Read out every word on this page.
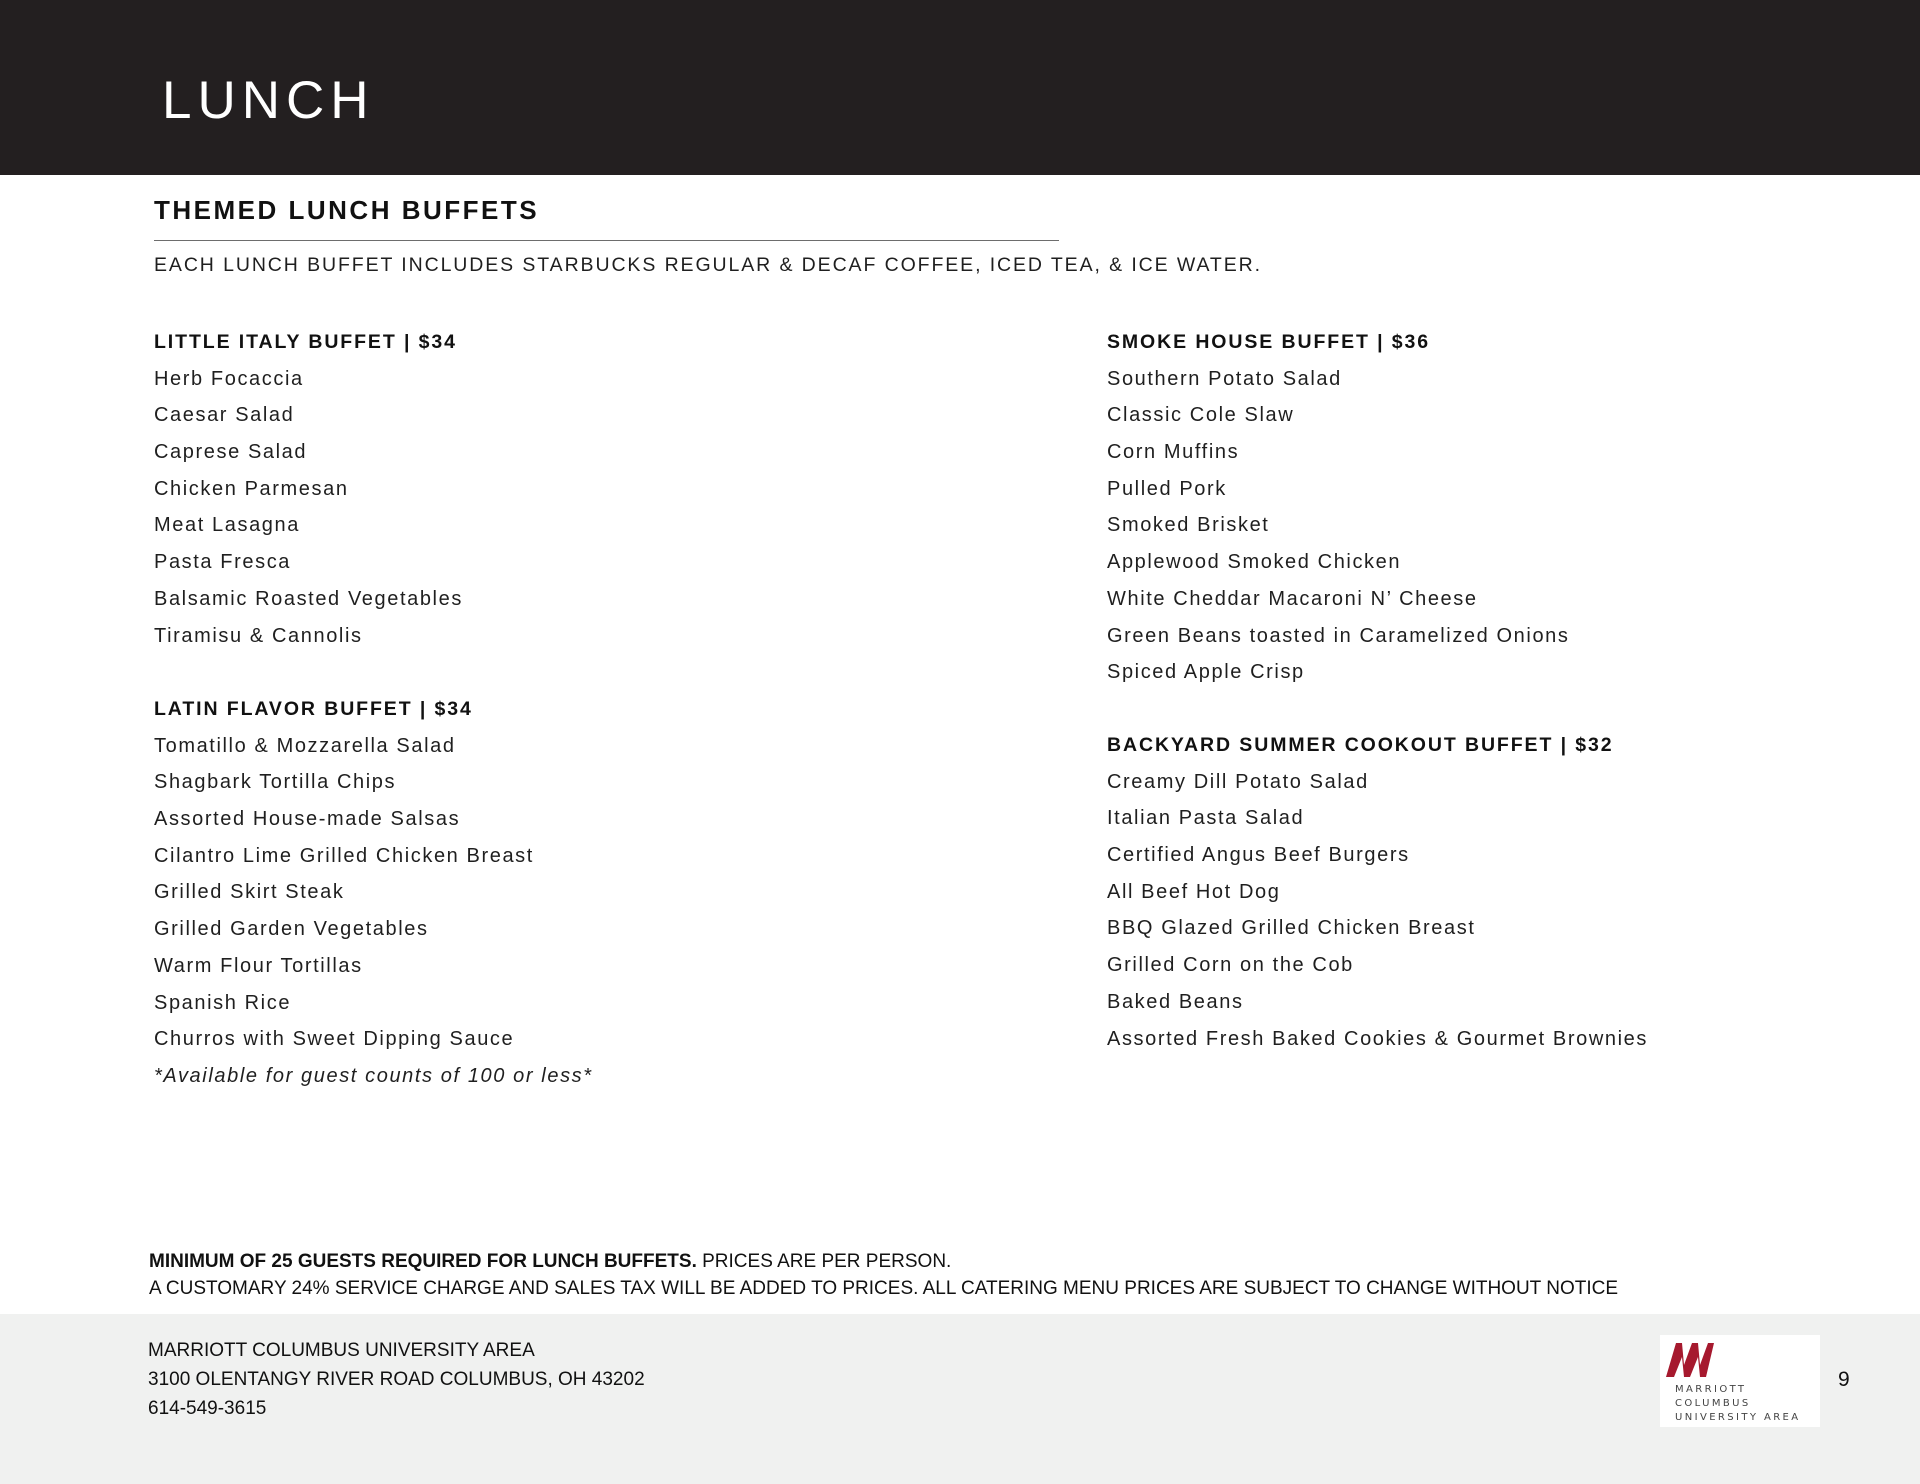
LUNCH
THEMED LUNCH BUFFETS

EACH LUNCH BUFFET INCLUDES STARBUCKS REGULAR & DECAF COFFEE, ICED TEA, & ICE WATER.

LITTLE ITALY BUFFET | $34
Herb Focaccia
Caesar Salad
Caprese Salad
Chicken Parmesan
Meat Lasagna
Pasta Fresca
Balsamic Roasted Vegetables
Tiramisu & Cannolis
LATIN FLAVOR BUFFET | $34
Tomatillo & Mozzarella Salad
Shagbark Tortilla Chips
Assorted House-made Salsas
Cilantro Lime Grilled Chicken Breast
Grilled Skirt Steak
Grilled Garden Vegetables
Warm Flour Tortillas
Spanish Rice
Churros with Sweet Dipping Sauce
*Available for guest counts of 100 or less*
SMOKE HOUSE BUFFET | $36
Southern Potato Salad
Classic Cole Slaw
Corn Muffins
Pulled Pork
Smoked Brisket
Applewood Smoked Chicken
White Cheddar Macaroni N’ Cheese
Green Beans toasted in Caramelized Onions
Spiced Apple Crisp
BACKYARD SUMMER COOKOUT BUFFET | $32
Creamy Dill Potato Salad
Italian Pasta Salad
Certified Angus Beef Burgers
All Beef Hot Dog
BBQ Glazed Grilled Chicken Breast
Grilled Corn on the Cob
Baked Beans
Assorted Fresh Baked Cookies & Gourmet Brownies
MINIMUM OF 25 GUESTS REQUIRED FOR LUNCH BUFFETS. PRICES ARE PER PERSON.
A CUSTOMARY 24% SERVICE CHARGE AND SALES TAX WILL BE ADDED TO PRICES. ALL CATERING MENU PRICES ARE SUBJECT TO CHANGE WITHOUT NOTICE
MARRIOTT COLUMBUS UNIVERSITY AREA
3100 OLENTANGY RIVER ROAD COLUMBUS, OH 43202
614-549-3615
MARRIOTT
COLUMBUS
UNIVERSITY AREA
9
